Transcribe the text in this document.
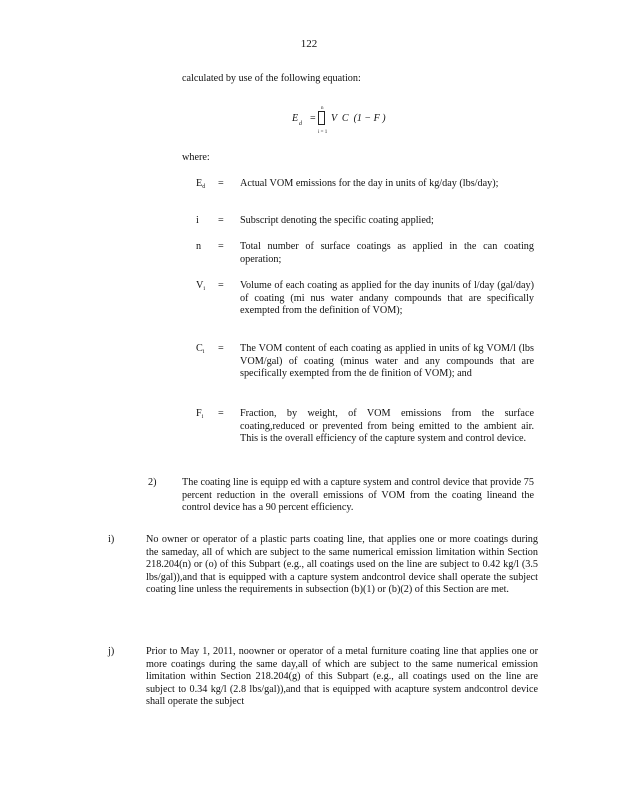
122
calculated by use of the following equation:
E d =
n
i = 1
V  C  (1 − F )
where:
$E_d$	=	Actual VOM emissions for the day in units of kg/day (lbs/day);
i	=	Subscript denoting the specific coating applied;
n	=	Total number of surface coatings as applied in the can coating operation;
$V_i$	=	Volume of each coating as applied for the day inunits of l/day (gal/day) of coating (mi nus water andany compounds that are specifically exempted from the definition of VOM);
$C_i$	=	The VOM content of each coating as applied in units of kg VOM/l (lbs VOM/gal) of coating (minus water and any compounds that are specifically exempted from the de finition of VOM); and
$F_i$	=	Fraction, by weight, of VOM emissions from the surface coating,reduced or prevented from being emitted to the ambient air. This is the overall efficiency of the capture system and control device.
2)	The coating line is equipp ed with a capture system and control device that provide 75 percent reduction in the overall emissions of VOM from the coating lineand the control device has a 90 percent efficiency.
i)	No owner or operator of a plastic parts coating line, that applies one or more coatings during the sameday, all of which are subject to the same numerical emission limitation within Section 218.204(n) or (o) of this Subpart (e.g., all coatings used on the line are subject to 0.42 kg/l (3.5 lbs/gal)),and that is equipped with a capture system andcontrol device shall operate the subject coating line unless the requirements in subsection (b)(1) or (b)(2) of this Section are met.
j)	Prior to May 1, 2011, noowner or operator of a metal furniture coating line that applies one or more coatings during the same day,all of which are subject to the same numerical emission limitation within Section 218.204(g) of this Subpart (e.g., all coatings used on the line are subject to 0.34 kg/l (2.8 lbs/gal)),and that is equipped with acapture system andcontrol device shall operate the subject
